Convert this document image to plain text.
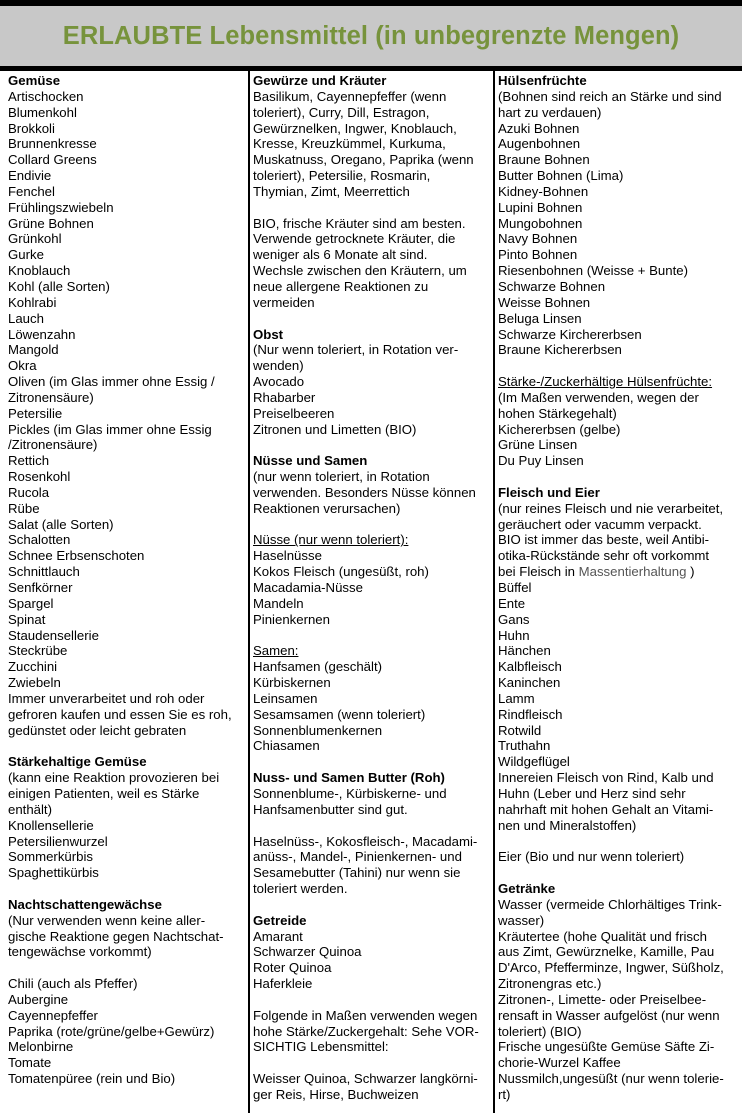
ERLAUBTE Lebensmittel (in unbegrenzte Mengen)
Gemüse
Artischocken
Blumenkohl
Brokkoli
Brunnenkresse
Collard Greens
Endivie
Fenchel
Frühlingszwiebeln
Grüne Bohnen
Grünkohl
Gurke
Knoblauch
Kohl (alle Sorten)
Kohlrabi
Lauch
Löwenzahn
Mangold
Okra
Oliven (im Glas immer ohne Essig /
Zitronensäure)
Petersilie
Pickles (im Glas immer ohne Essig
/Zitronensäure)
Rettich
Rosenkohl
Rucola
Rübe
Salat (alle Sorten)
Schalotten
Schnee Erbsenschoten
Schnittlauch
Senfkörner
Spargel
Spinat
Staudensellerie
Steckrübe
Zucchini
Zwiebeln
Immer unverarbeitet und roh oder
gefroren kaufen und essen Sie es roh,
gedünstet oder leicht gebraten
Stärkehaltige Gemüse
(kann eine Reaktion provozieren bei
einigen Patienten, weil es Stärke
enthält)
Knollensellerie
Petersilienwurzel
Sommerkürbis
Spaghettikürbis
Nachtschattengewächse
(Nur verwenden wenn keine aller-
gische Reaktione gegen Nachtschat-
tengewächse vorkommt)
Chili (auch als Pfeffer)
Aubergine
Cayennepfeffer
Paprika (rote/grüne/gelbe+Gewürz)
Melonbirne
Tomate
Tomatenpüree (rein und Bio)
Gewürze und Kräuter
Basilikum, Cayennepfeffer (wenn
toleriert), Curry, Dill, Estragon,
Gewürznelken, Ingwer, Knoblauch,
Kresse, Kreuzkümmel, Kurkuma,
Muskatnuss, Oregano, Paprika (wenn
toleriert), Petersilie, Rosmarin,
Thymian, Zimt, Meerrettich
BIO, frische Kräuter sind am besten.
Verwende getrocknete Kräuter, die
weniger als 6 Monate alt sind.
Wechsle zwischen den Kräutern, um
neue allergene Reaktionen zu
vermeiden
Obst
(Nur wenn toleriert, in Rotation ver-
wenden)
Avocado
Rhabarber
Preiselbeeren
Zitronen und Limetten (BIO)
Nüsse und Samen
(nur wenn toleriert, in Rotation
verwenden. Besonders Nüsse können
Reaktionen verursachen)
Nüsse (nur wenn toleriert):
Haselnüsse
Kokos Fleisch (ungesüßt, roh)
Macadamia-Nüsse
Mandeln
Pinienkernen
Samen:
Hanfsamen (geschält)
Kürbiskernen
Leinsamen
Sesamsamen (wenn toleriert)
Sonnenblumenkernen
Chiasamen
Nuss- und Samen Butter (Roh)
Sonnenblume-, Kürbiskerne- und
Hanfsamenbutter sind gut.
Haselnüss-, Kokosfleisch-, Macadami-
anüss-, Mandel-, Pinienkernen- und
Sesamebutter (Tahini) nur wenn sie
toleriert werden.
Getreide
Amarant
Schwarzer Quinoa
Roter Quinoa
Haferkleie
Folgende in Maßen verwenden wegen
hohe Stärke/Zuckergehalt: Sehe VOR-
SICHTIG Lebensmittel:
Weisser Quinoa, Schwarzer langkörni-
ger Reis, Hirse, Buchweizen
Hülsenfrüchte
(Bohnen sind reich an Stärke und sind
hart zu verdauen)
Azuki Bohnen
Augenbohnen
Braune Bohnen
Butter Bohnen (Lima)
Kidney-Bohnen
Lupini Bohnen
Mungobohnen
Navy Bohnen
Pinto Bohnen
Riesenbohnen (Weisse + Bunte)
Schwarze Bohnen
Weisse Bohnen
Beluga Linsen
Schwarze Kirchererbsen
Braune Kichererbsen
Stärke-/Zuckerhältige Hülsenfrüchte:
(Im Maßen verwenden, wegen der
hohen Stärkegehalt)
Kichererbsen (gelbe)
Grüne Linsen
Du Puy Linsen
Fleisch und Eier
(nur reines Fleisch und nie verarbeitet,
geräuchert oder vacumm verpackt.
BIO ist immer das beste, weil Antibi-
otika-Rückstände sehr oft vorkommt
bei Fleisch in Massentierhaltung )
Büffel
Ente
Gans
Huhn
Hänchen
Kalbfleisch
Kaninchen
Lamm
Rindfleisch
Rotwild
Truthahn
Wildgeflügel
Innereien Fleisch von Rind, Kalb und
Huhn (Leber und Herz sind sehr
nahrhaft mit hohen Gehalt an Vitami-
nen und Mineralstoffen)
Eier (Bio und nur wenn toleriert)
Getränke
Wasser (vermeide Chlorhältiges Trink-
wasser)
Kräutertee (hohe Qualität und frisch
aus Zimt, Gewürznelke, Kamille, Pau
D'Arco, Pfefferminze, Ingwer, Süßholz,
Zitronengras etc.)
Zitronen-, Limette- oder Preiselbee-
rensaft in Wasser aufgelöst (nur wenn
toleriert) (BIO)
Frische ungesüßte Gemüse Säfte Zi-
chorie-Wurzel Kaffee
Nussmilch,ungesüßt (nur wenn tolerie-
rt)
